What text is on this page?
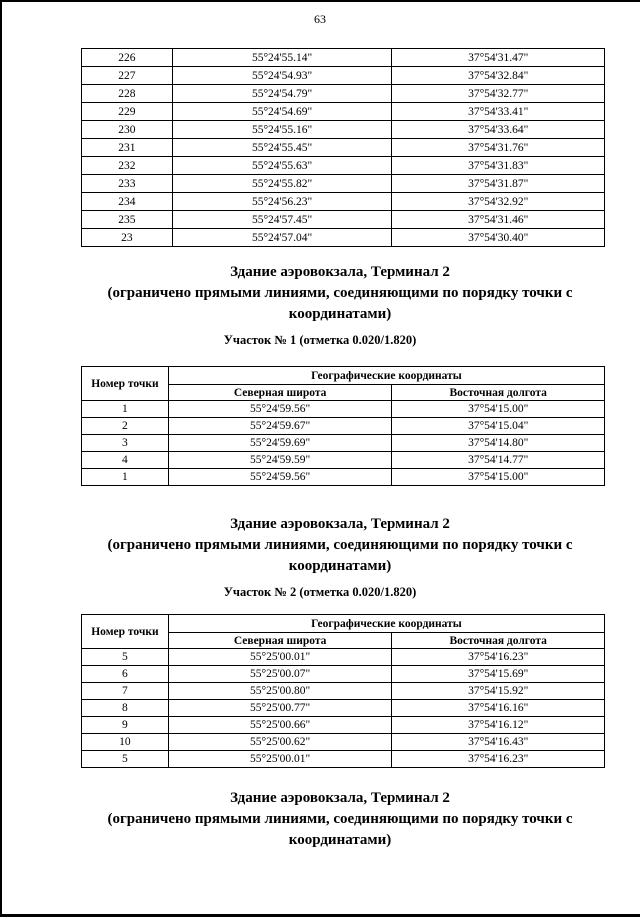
63
226	55°24'55.14"	37°54'31.47"
227	55°24'54.93"	37°54'32.84"
228	55°24'54.79"	37°54'32.77"
229	55°24'54.69"	37°54'33.41"
230	55°24'55.16"	37°54'33.64"
231	55°24'55.45"	37°54'31.76"
232	55°24'55.63"	37°54'31.83"
233	55°24'55.82"	37°54'31.87"
234	55°24'56.23"	37°54'32.92"
235	55°24'57.45"	37°54'31.46"
23	55°24'57.04"	37°54'30.40"
Здание аэровокзала, Терминал 2
(ограничено прямыми линиями, соединяющими по порядку точки с
координатами)
Участок № 1 (отметка 0.020/1.820)
Номер точки	Географические координаты	
	Северная широта	Восточная долгота
1	55°24'59.56"	37°54'15.00"
2	55°24'59.67"	37°54'15.04"
3	55°24'59.69"	37°54'14.80"
4	55°24'59.59"	37°54'14.77"
1	55°24'59.56"	37°54'15.00"
Здание аэровокзала, Терминал 2
(ограничено прямыми линиями, соединяющими по порядку точки с
координатами)
Участок № 2 (отметка 0.020/1.820)
Номер точки	Географические координаты	
	Северная широта	Восточная долгота
5	55°25'00.01"	37°54'16.23"
6	55°25'00.07"	37°54'15.69"
7	55°25'00.80"	37°54'15.92"
8	55°25'00.77"	37°54'16.16"
9	55°25'00.66"	37°54'16.12"
10	55°25'00.62"	37°54'16.43"
5	55°25'00.01"	37°54'16.23"
Здание аэровокзала, Терминал 2
(ограничено прямыми линиями, соединяющими по порядку точки с
координатами)
